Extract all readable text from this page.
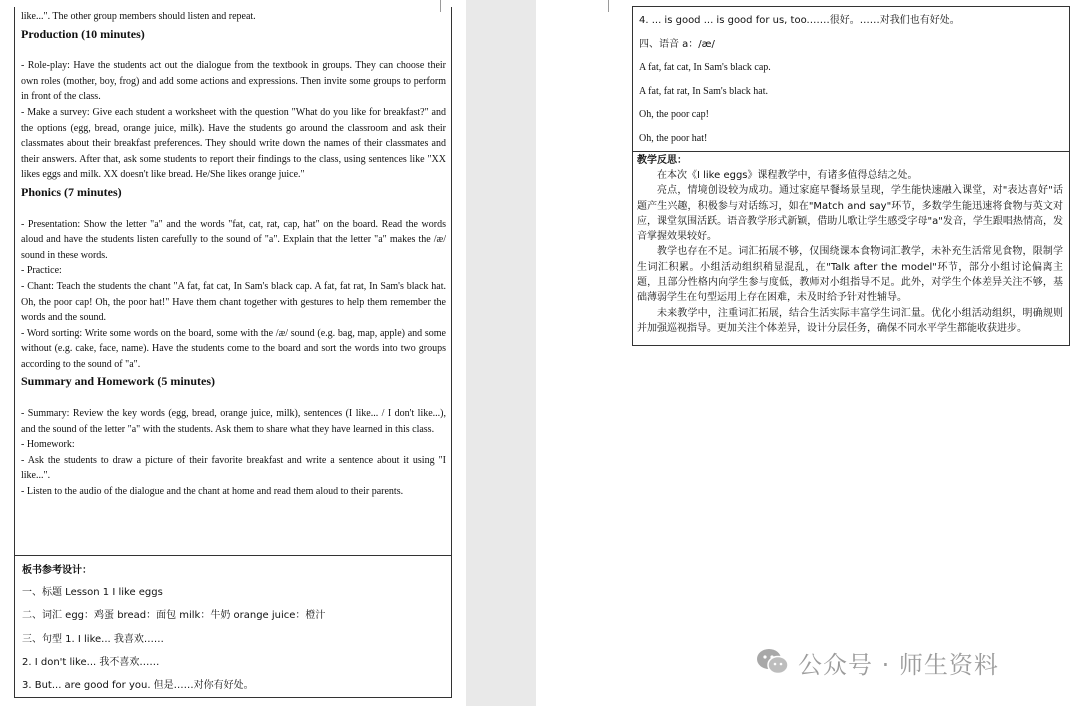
like...". The other group members should listen and repeat.

Production (10 minutes)

- Role-play: Have the students act out the dialogue from the textbook in groups. They can choose their own roles (mother, boy, frog) and add some actions and expressions. Then invite some groups to perform in front of the class.

- Make a survey: Give each student a worksheet with the question "What do you like for breakfast?" and the options (egg, bread, orange juice, milk). Have the students go around the classroom and ask their classmates about their breakfast preferences. They should write down the names of their classmates and their answers. After that, ask some students to report their findings to the class, using sentences like "XX likes eggs and milk. XX doesn't like bread. He/She likes orange juice."

Phonics (7 minutes)

- Presentation: Show the letter "a" and the words "fat, cat, rat, cap, hat" on the board. Read the words aloud and have the students listen carefully to the sound of "a". Explain that the letter "a" makes the /æ/ sound in these words.

- Practice:

- Chant: Teach the students the chant "A fat, fat cat, In Sam's black cap. A fat, fat rat, In Sam's black hat. Oh, the poor cap! Oh, the poor hat!" Have them chant together with gestures to help them remember the words and the sound.

- Word sorting: Write some words on the board, some with the /æ/ sound (e.g. bag, map, apple) and some without (e.g. cake, face, name). Have the students come to the board and sort the words into two groups according to the sound of "a".

Summary and Homework (5 minutes)

- Summary: Review the key words (egg, bread, orange juice, milk), sentences (I like... / I don't like...), and the sound of the letter "a" with the students. Ask them to share what they have learned in this class.

- Homework:

- Ask the students to draw a picture of their favorite breakfast and write a sentence about it using "I like...".

- Listen to the audio of the dialogue and the chant at home and read them aloud to their parents.

板书参考设计：

一、标题 Lesson 1 I like eggs

二、词汇 egg：鸡蛋 bread：面包 milk：牛奶 orange juice：橙汁

三、句型 1. I like... 我喜欢……

2. I don't like... 我不喜欢……

3. But... are good for you. 但是……对你有好处。

4. ... is good ... is good for us, too.……很好。……对我们也有好处。

四、语音 a：/æ/

A fat, fat cat, In Sam's black cap.

A fat, fat rat, In Sam's black hat.

Oh, the poor cap!

Oh, the poor hat!

教学反思：

在本次《I like eggs》课程教学中，有诸多值得总结之处。

亮点，情境创设较为成功。通过家庭早餐场景呈现，学生能快速融入课堂，对"表达喜好"话题产生兴趣，积极参与对话练习，如在"Match and say"环节，多数学生能迅速将食物与英文对应，课堂氛围活跃。语音教学形式新颖，借助儿歌让学生感受字母"a"发音，学生跟唱热情高，发音掌握效果较好。

教学也存在不足。词汇拓展不够，仅围绕课本食物词汇教学，未补充生活常见食物，限制学生词汇积累。小组活动组织稍显混乱，在"Talk after the model"环节，部分小组讨论偏离主题，且部分性格内向学生参与度低，教师对小组指导不足。此外，对学生个体差异关注不够，基础薄弱学生在句型运用上存在困难，未及时给予针对性辅导。

未来教学中，注重词汇拓展，结合生活实际丰富学生词汇量。优化小组活动组织，明确规则并加强巡视指导。更加关注个体差异，设计分层任务，确保不同水平学生都能收获进步。

公众号 · 师生资料
